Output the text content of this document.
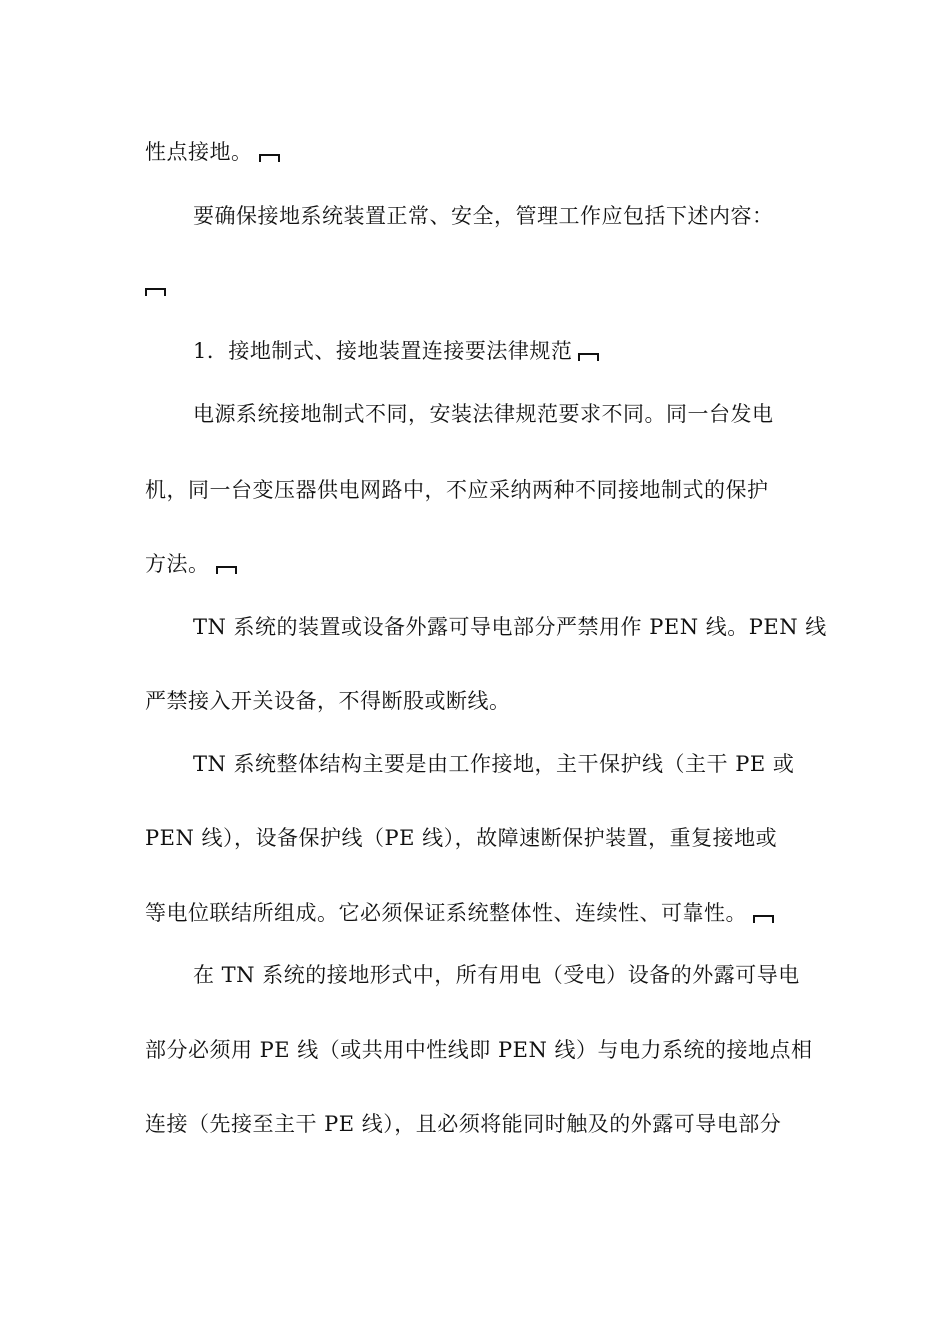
性点接地。
要确保接地系统装置正常、安全，管理工作应包括下述内容：
1．接地制式、接地装置连接要法律规范
电源系统接地制式不同，安装法律规范要求不同。同一台发电
机，同一台变压器供电网路中，不应采纳两种不同接地制式的保护
方法。
TN 系统的装置或设备外露可导电部分严禁用作 PEN 线。PEN 线
严禁接入开关设备，不得断股或断线。
TN 系统整体结构主要是由工作接地，主干保护线（主干 PE 或
PEN 线），设备保护线（PE 线），故障速断保护装置，重复接地或
等电位联结所组成。它必须保证系统整体性、连续性、可靠性。
在 TN 系统的接地形式中，所有用电（受电）设备的外露可导电
部分必须用 PE 线（或共用中性线即 PEN 线）与电力系统的接地点相
连接（先接至主干 PE 线），且必须将能同时触及的外露可导电部分
